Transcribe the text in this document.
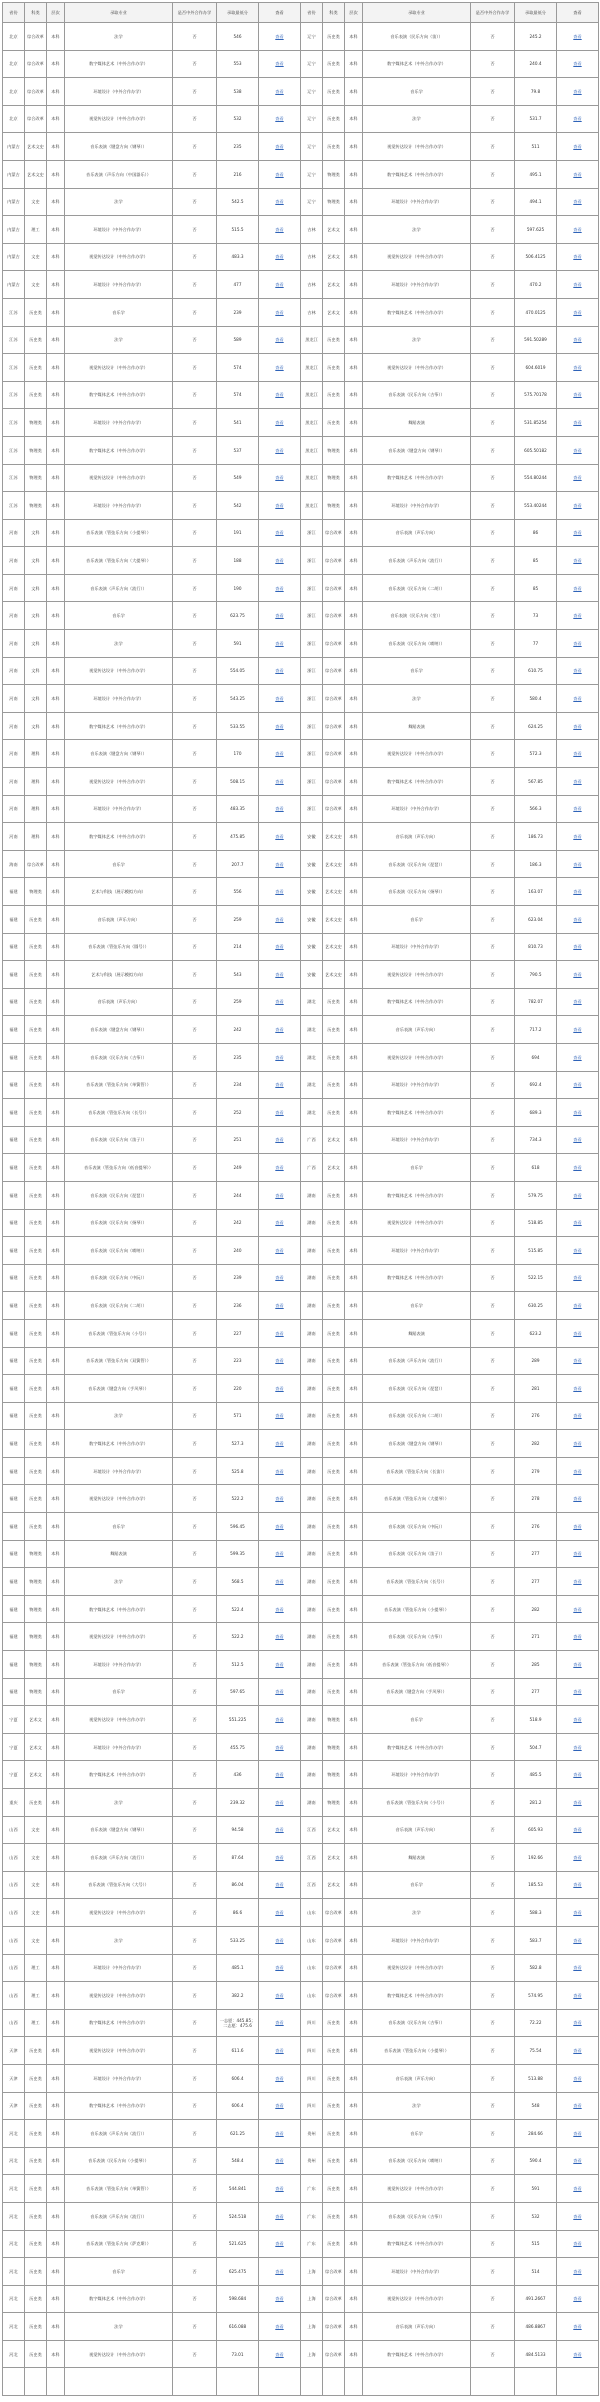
省份	科类	层次	录取专业	是否中外合作办学	录取最低分	查看	省份	科类	层次	录取专业	是否中外合作办学	录取最低分	查看
北京	综合改革	本科	法学	否	546	查看	辽宁	历史类	本科	音乐表演（民乐方向（笛））	否	245.2	查看
北京	综合改革	本科	数字媒体艺术（中外合作办学）	否	553	查看	辽宁	历史类	本科	数字媒体艺术（中外合作办学）	否	240.4	查看
北京	综合改革	本科	环境设计（中外合作办学）	否	538	查看	辽宁	历史类	本科	音乐学	否	79.8	查看
北京	综合改革	本科	视觉传达设计（中外合作办学）	否	532	查看	辽宁	历史类	本科	法学	否	531.7	查看
内蒙古	艺术文史	本科	音乐表演（键盘方向（钢琴））	否	235	查看	辽宁	历史类	本科	视觉传达设计（中外合作办学）	否	511	查看
内蒙古	艺术文史	本科	音乐表演（声乐方向（中国器乐））	否	216	查看	辽宁	物理类	本科	数字媒体艺术（中外合作办学）	否	495.1	查看
内蒙古	文史	本科	法学	否	542.5	查看	辽宁	物理类	本科	环境设计（中外合作办学）	否	494.1	查看
内蒙古	理工	本科	环境设计（中外合作办学）	否	515.5	查看	吉林	艺术文	本科	法学	否	597.625	查看
内蒙古	文史	本科	视觉传达设计（中外合作办学）	否	483.3	查看	吉林	艺术文	本科	视觉传达设计（中外合作办学）	否	506.4125	查看
内蒙古	文史	本科	环境设计（中外合作办学）	否	477	查看	吉林	艺术文	本科	环境设计（中外合作办学）	否	470.2	查看
江苏	历史类	本科	音乐学	否	239	查看	吉林	艺术文	本科	数字媒体艺术（中外合作办学）	否	470.0125	查看
江苏	历史类	本科	法学	否	589	查看	黑龙江	历史类	本科	法学	否	591.50289	查看
江苏	历史类	本科	视觉传达设计（中外合作办学）	否	574	查看	黑龙江	历史类	本科	视觉传达设计（中外合作办学）	否	604.6019	查看
江苏	历史类	本科	数字媒体艺术（中外合作办学）	否	574	查看	黑龙江	历史类	本科	音乐表演（民乐方向（古筝））	否	575.70178	查看
江苏	物理类	本科	环境设计（中外合作办学）	否	541	查看	黑龙江	历史类	本科	舞蹈表演	否	531.85254	查看
江苏	物理类	本科	数字媒体艺术（中外合作办学）	否	537	查看	黑龙江	物理类	本科	音乐表演（键盘方向（钢琴））	否	605.50182	查看
江苏	物理类	本科	视觉传达设计（中外合作办学）	否	549	查看	黑龙江	物理类	本科	数字媒体艺术（中外合作办学）	否	554.80244	查看
江苏	物理类	本科	环境设计（中外合作办学）	否	542	查看	黑龙江	物理类	本科	环境设计（中外合作办学）	否	553.40244	查看
河南	文科	本科	音乐表演（管弦乐方向（小提琴））	否	191	查看	浙江	综合改革	本科	音乐表演（声乐方向）	否	86	查看
河南	文科	本科	音乐表演（管弦乐方向（大提琴））	否	188	查看	浙江	综合改革	本科	音乐表演（声乐方向（流行））	否	85	查看
河南	文科	本科	音乐表演（声乐方向（流行））	否	190	查看	浙江	综合改革	本科	音乐表演（民乐方向（二胡））	否	85	查看
河南	文科	本科	音乐学	否	623.75	查看	浙江	综合改革	本科	音乐表演（民乐方向（笙））	否	73	查看
河南	文科	本科	法学	否	591	查看	浙江	综合改革	本科	音乐表演（民乐方向（唢呐））	否	77	查看
河南	文科	本科	视觉传达设计（中外合作办学）	否	554.05	查看	浙江	综合改革	本科	音乐学	否	610.75	查看
河南	文科	本科	环境设计（中外合作办学）	否	543.25	查看	浙江	综合改革	本科	法学	否	580.4	查看
河南	文科	本科	数字媒体艺术（中外合作办学）	否	533.55	查看	浙江	综合改革	本科	舞蹈表演	否	624.25	查看
河南	理科	本科	音乐表演（键盘方向（钢琴））	否	170	查看	浙江	综合改革	本科	视觉传达设计（中外合作办学）	否	572.3	查看
河南	理科	本科	视觉传达设计（中外合作办学）	否	508.15	查看	浙江	综合改革	本科	数字媒体艺术（中外合作办学）	否	567.85	查看
河南	理科	本科	环境设计（中外合作办学）	否	483.35	查看	浙江	综合改革	本科	环境设计（中外合作办学）	否	566.3	查看
河南	理科	本科	数字媒体艺术（中外合作办学）	否	475.85	查看	安徽	艺术文史	本科	音乐表演（声乐方向）	否	186.73	查看
海南	综合改革	本科	音乐学	否	207.7	查看	安徽	艺术文史	本科	音乐表演（民乐方向（琵琶））	否	186.3	查看
福建	物理类	本科	艺术与科技（展示模拟方向）	否	556	查看	安徽	艺术文史	本科	音乐表演（民乐方向（扬琴））	否	163.07	查看
福建	历史类	本科	音乐表演（声乐方向）	否	259	查看	安徽	艺术文史	本科	音乐学	否	623.04	查看
福建	历史类	本科	音乐表演（管弦乐方向（圆号））	否	214	查看	安徽	艺术文史	本科	环境设计（中外合作办学）	否	810.73	查看
福建	历史类	本科	艺术与科技（展示模拟方向）	否	543	查看	安徽	艺术文史	本科	视觉传达设计（中外合作办学）	否	790.5	查看
福建	历史类	本科	音乐表演（声乐方向）	否	259	查看	湖北	历史类	本科	数字媒体艺术（中外合作办学）	否	782.07	查看
福建	历史类	本科	音乐表演（键盘方向（钢琴））	否	242	查看	湖北	历史类	本科	音乐表演（声乐方向）	否	717.2	查看
福建	历史类	本科	音乐表演（民乐方向（古筝））	否	235	查看	湖北	历史类	本科	视觉传达设计（中外合作办学）	否	694	查看
福建	历史类	本科	音乐表演（管弦乐方向（单簧管））	否	234	查看	湖北	历史类	本科	环境设计（中外合作办学）	否	692.4	查看
福建	历史类	本科	音乐表演（管弦乐方向（长号））	否	252	查看	湖北	历史类	本科	数字媒体艺术（中外合作办学）	否	689.3	查看
福建	历史类	本科	音乐表演（民乐方向（笛子））	否	251	查看	广西	艺术文	本科	环境设计（中外合作办学）	否	734.3	查看
福建	历史类	本科	音乐表演（管弦乐方向（低音提琴））	否	249	查看	广西	艺术文	本科	音乐学	否	618	查看
福建	历史类	本科	音乐表演（民乐方向（琵琶））	否	244	查看	湖南	历史类	本科	数字媒体艺术（中外合作办学）	否	579.75	查看
福建	历史类	本科	音乐表演（民乐方向（扬琴））	否	242	查看	湖南	历史类	本科	视觉传达设计（中外合作办学）	否	518.85	查看
福建	历史类	本科	音乐表演（民乐方向（唢呐））	否	240	查看	湖南	历史类	本科	环境设计（中外合作办学）	否	515.85	查看
福建	历史类	本科	音乐表演（民乐方向（中阮））	否	239	查看	湖南	历史类	本科	数字媒体艺术（中外合作办学）	否	522.15	查看
福建	历史类	本科	音乐表演（民乐方向（二胡））	否	236	查看	湖南	历史类	本科	音乐学	否	630.25	查看
福建	历史类	本科	音乐表演（管弦乐方向（小号））	否	227	查看	湖南	历史类	本科	舞蹈表演	否	623.2	查看
福建	历史类	本科	音乐表演（管弦乐方向（双簧管））	否	223	查看	湖南	历史类	本科	音乐表演（声乐方向（流行））	否	289	查看
福建	历史类	本科	音乐表演（键盘方向（手风琴））	否	220	查看	湖南	历史类	本科	音乐表演（民乐方向（琵琶））	否	281	查看
福建	历史类	本科	法学	否	571	查看	湖南	历史类	本科	音乐表演（民乐方向（二胡））	否	276	查看
福建	历史类	本科	数字媒体艺术（中外合作办学）	否	527.3	查看	湖南	历史类	本科	音乐表演（键盘方向（钢琴））	否	282	查看
福建	历史类	本科	环境设计（中外合作办学）	否	525.8	查看	湖南	历史类	本科	音乐表演（管弦乐方向（长笛））	否	279	查看
福建	历史类	本科	视觉传达设计（中外合作办学）	否	522.2	查看	湖南	历史类	本科	音乐表演（管弦乐方向（大提琴））	否	278	查看
福建	历史类	本科	音乐学	否	596.45	查看	湖南	历史类	本科	音乐表演（民乐方向（中阮））	否	276	查看
福建	物理类	本科	舞蹈表演	否	599.35	查看	湖南	历史类	本科	音乐表演（民乐方向（笛子））	否	277	查看
福建	物理类	本科	法学	否	568.5	查看	湖南	历史类	本科	音乐表演（管弦乐方向（长号））	否	277	查看
福建	物理类	本科	数字媒体艺术（中外合作办学）	否	522.4	查看	湖南	历史类	本科	音乐表演（管弦乐方向（小提琴））	否	282	查看
福建	物理类	本科	视觉传达设计（中外合作办学）	否	522.2	查看	湖南	历史类	本科	音乐表演（民乐方向（古筝））	否	271	查看
福建	物理类	本科	环境设计（中外合作办学）	否	512.5	查看	湖南	历史类	本科	音乐表演（管弦乐方向（低音提琴））	否	285	查看
福建	物理类	本科	音乐学	否	597.65	查看	湖南	历史类	本科	音乐表演（键盘方向（手风琴））	否	277	查看
宁夏	艺术文	本科	视觉传达设计（中外合作办学）	否	551.225	查看	湖南	物理类	本科	音乐学	否	518.9	查看
宁夏	艺术文	本科	环境设计（中外合作办学）	否	455.75	查看	湖南	物理类	本科	数字媒体艺术（中外合作办学）	否	504.7	查看
宁夏	艺术文	本科	数字媒体艺术（中外合作办学）	否	436	查看	湖南	物理类	本科	环境设计（中外合作办学）	否	485.5	查看
重庆	历史类	本科	法学	否	239.32	查看	湖南	物理类	本科	音乐表演（管弦乐方向（小号））	否	281.2	查看
山西	文史	本科	音乐表演（键盘方向（钢琴））	否	94.58	查看	江西	艺术文	本科	音乐表演（声乐方向）	否	605.93	查看
山西	文史	本科	音乐表演（声乐方向（流行））	否	87.64	查看	江西	艺术文	本科	舞蹈表演	否	192.66	查看
山西	文史	本科	音乐表演（管弦乐方向（大号））	否	86.04	查看	江西	艺术文	本科	音乐学	否	185.53	查看
山西	文史	本科	视觉传达设计（中外合作办学）	否	86.6	查看	山东	综合改革	本科	法学	否	588.3	查看
山西	文史	本科	法学	否	533.25	查看	山东	综合改革	本科	环境设计（中外合作办学）	否	583.7	查看
山西	理工	本科	环境设计（中外合作办学）	否	485.1	查看	山东	综合改革	本科	视觉传达设计（中外合作办学）	否	582.8	查看
山西	理工	本科	视觉传达设计（中外合作办学）	否	382.2	查看	山东	综合改革	本科	数字媒体艺术（中外合作办学）	否	574.95	查看
山西	理工	本科	数字媒体艺术（中外合作办学）	否	一志愿：445.85；二志愿：475.6	查看	四川	历史类	本科	音乐表演（民乐方向（古筝））	否	72.22	查看
天津	历史类	本科	视觉传达设计（中外合作办学）	否	611.6	查看	四川	历史类	本科	音乐表演（管弦乐方向（小提琴））	否	75.54	查看
天津	历史类	本科	环境设计（中外合作办学）	否	606.4	查看	四川	历史类	本科	音乐表演（声乐方向）	否	513.88	查看
天津	历史类	本科	数字媒体艺术（中外合作办学）	否	606.4	查看	四川	历史类	本科	法学	否	548	查看
河北	历史类	本科	音乐表演（声乐方向（流行））	否	621.25	查看	贵州	历史类	本科	音乐学	否	284.66	查看
河北	历史类	本科	音乐表演（民乐方向（小提琴））	否	548.4	查看	贵州	历史类	本科	音乐表演（民乐方向（唢呐））	否	590.4	查看
河北	历史类	本科	音乐表演（管弦乐方向（单簧管））	否	544.841	查看	广东	历史类	本科	视觉传达设计（中外合作办学）	否	591	查看
河北	历史类	本科	音乐表演（声乐方向（流行））	否	524.518	查看	广东	历史类	本科	音乐表演（民乐方向（古筝））	否	532	查看
河北	历史类	本科	音乐表演（管弦乐方向（萨克斯））	否	521.625	查看	广东	历史类	本科	数字媒体艺术（中外合作办学）	否	515	查看
河北	历史类	本科	音乐学	否	625.475	查看	上海	综合改革	本科	环境设计（中外合作办学）	否	514	查看
河北	历史类	本科	数字媒体艺术（中外合作办学）	否	598.684	查看	上海	综合改革	本科	视觉传达设计（中外合作办学）	否	491.2667	查看
河北	历史类	本科	法学	否	616.088	查看	上海	综合改革	本科	音乐表演（声乐方向）	否	486.8867	查看
河北	历史类	本科	视觉传达设计（中外合作办学）	否	73.01	查看	上海	综合改革	本科	数字媒体艺术（中外合作办学）	否	484.5133	查看
